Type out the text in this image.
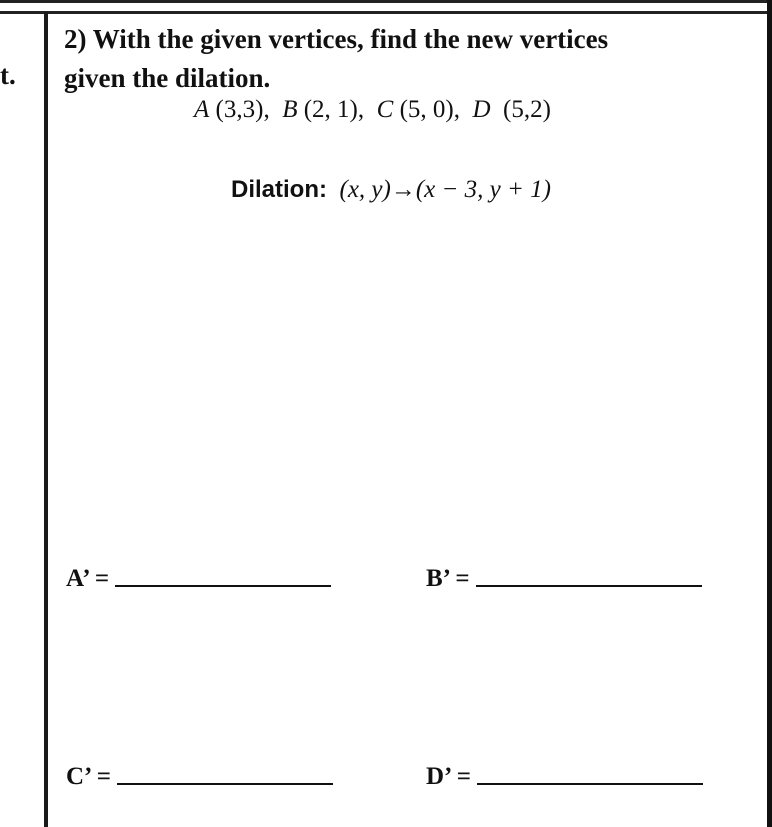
t.
2) With the given vertices, find the new vertices
given the dilation.
A (3,3),  B (2, 1),  C (5, 0),  D (5,2)
Dilation: (x, y)→(x − 3, y + 1)
A’ =	B’ =
C’ =	D’ =
